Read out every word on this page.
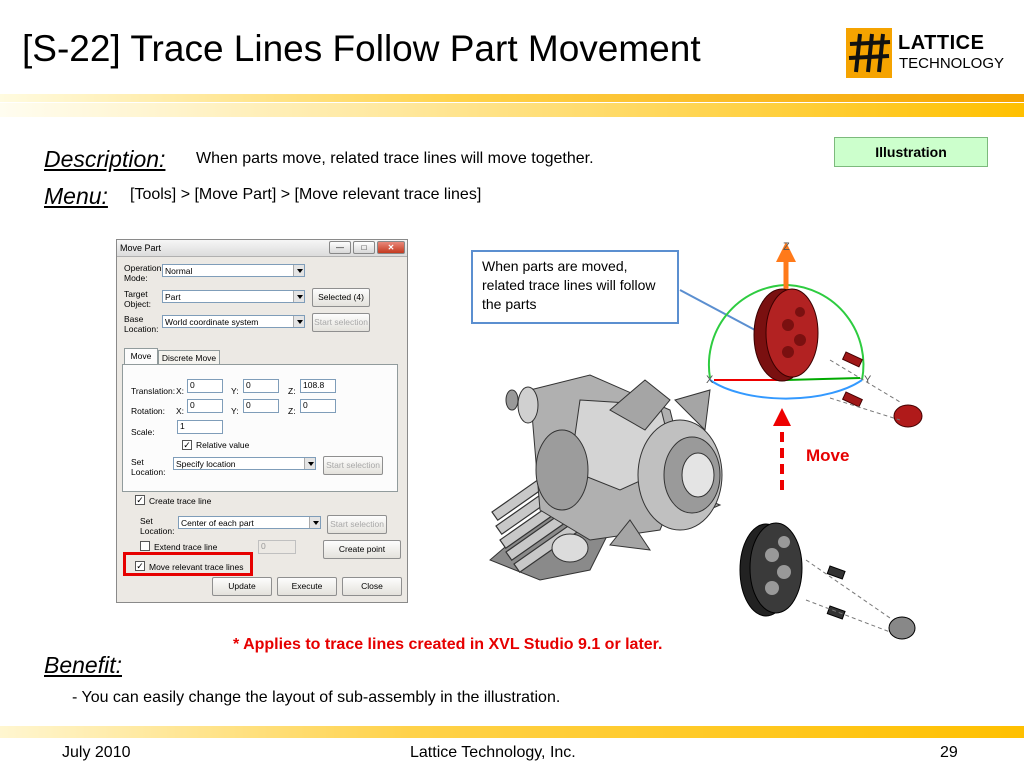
[S-22] Trace Lines Follow Part Movement	LATTICE
TECHNOLOGY
Description: When parts move, related trace lines will move together.
Menu: [Tools] > [Move Part] > [Move relevant trace lines]
Illustration
Move Part	—	□	✕
Operation Mode:
Normal
Target Object:
Part	Selected (4)
Base Location:
World coordinate system	Start selection
Move	Discrete Move
Translation: X:
0
Y:
0
Z:
108.8
Rotation: X:
0
Y:
0
Z:
0
Scale:
1
✓ Relative value
Set Location:
Specify location	Start selection
✓ Create trace line
Set Location:
Center of each part	Start selection
Extend trace line	0	Create point
✓ Move relevant trace lines
Update	Execute	Close
Z
X	Y
When parts are moved, related trace lines will follow the parts
Move
* Applies to trace lines created in XVL Studio 9.1 or later.
Benefit:
- You can easily change the layout of sub-assembly in the illustration.
July 2010	Lattice Technology, Inc.	29
